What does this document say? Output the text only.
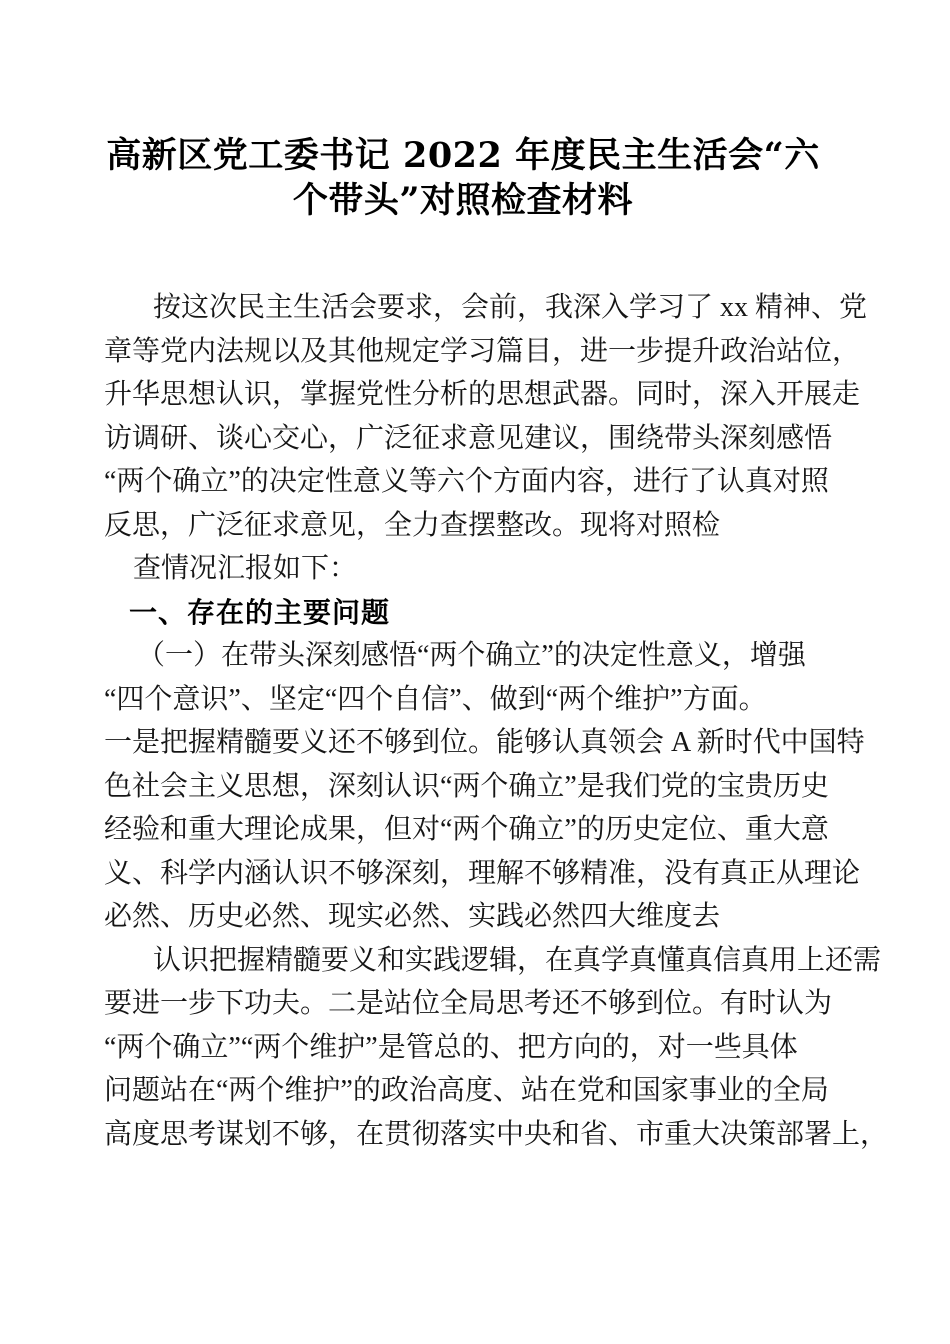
高新区党工委书记 2022 年度民主生活会“六
个带头”对照检查材料
按这次民主生活会要求，会前，我深入学习了 xx 精神、党
章等党内法规以及其他规定学习篇目，进一步提升政治站位，
升华思想认识，掌握党性分析的思想武器。同时，深入开展走
访调研、谈心交心，广泛征求意见建议，围绕带头深刻感悟
“两个确立”的决定性意义等六个方面内容，进行了认真对照
反思，广泛征求意见，全力查摆整改。现将对照检
查情况汇报如下：
一、存在的主要问题
（一）在带头深刻感悟“两个确立”的决定性意义，增强
“四个意识”、坚定“四个自信”、做到“两个维护”方面。
一是把握精髓要义还不够到位。能够认真领会 A 新时代中国特
色社会主义思想，深刻认识“两个确立”是我们党的宝贵历史
经验和重大理论成果，但对“两个确立”的历史定位、重大意
义、科学内涵认识不够深刻，理解不够精准，没有真正从理论
必然、历史必然、现实必然、实践必然四大维度去
认识把握精髓要义和实践逻辑，在真学真懂真信真用上还需
要进一步下功夫。二是站位全局思考还不够到位。有时认为
“两个确立”“两个维护”是管总的、把方向的，对一些具体
问题站在“两个维护”的政治高度、站在党和国家事业的全局
高度思考谋划不够，在贯彻落实中央和省、市重大决策部署上，
